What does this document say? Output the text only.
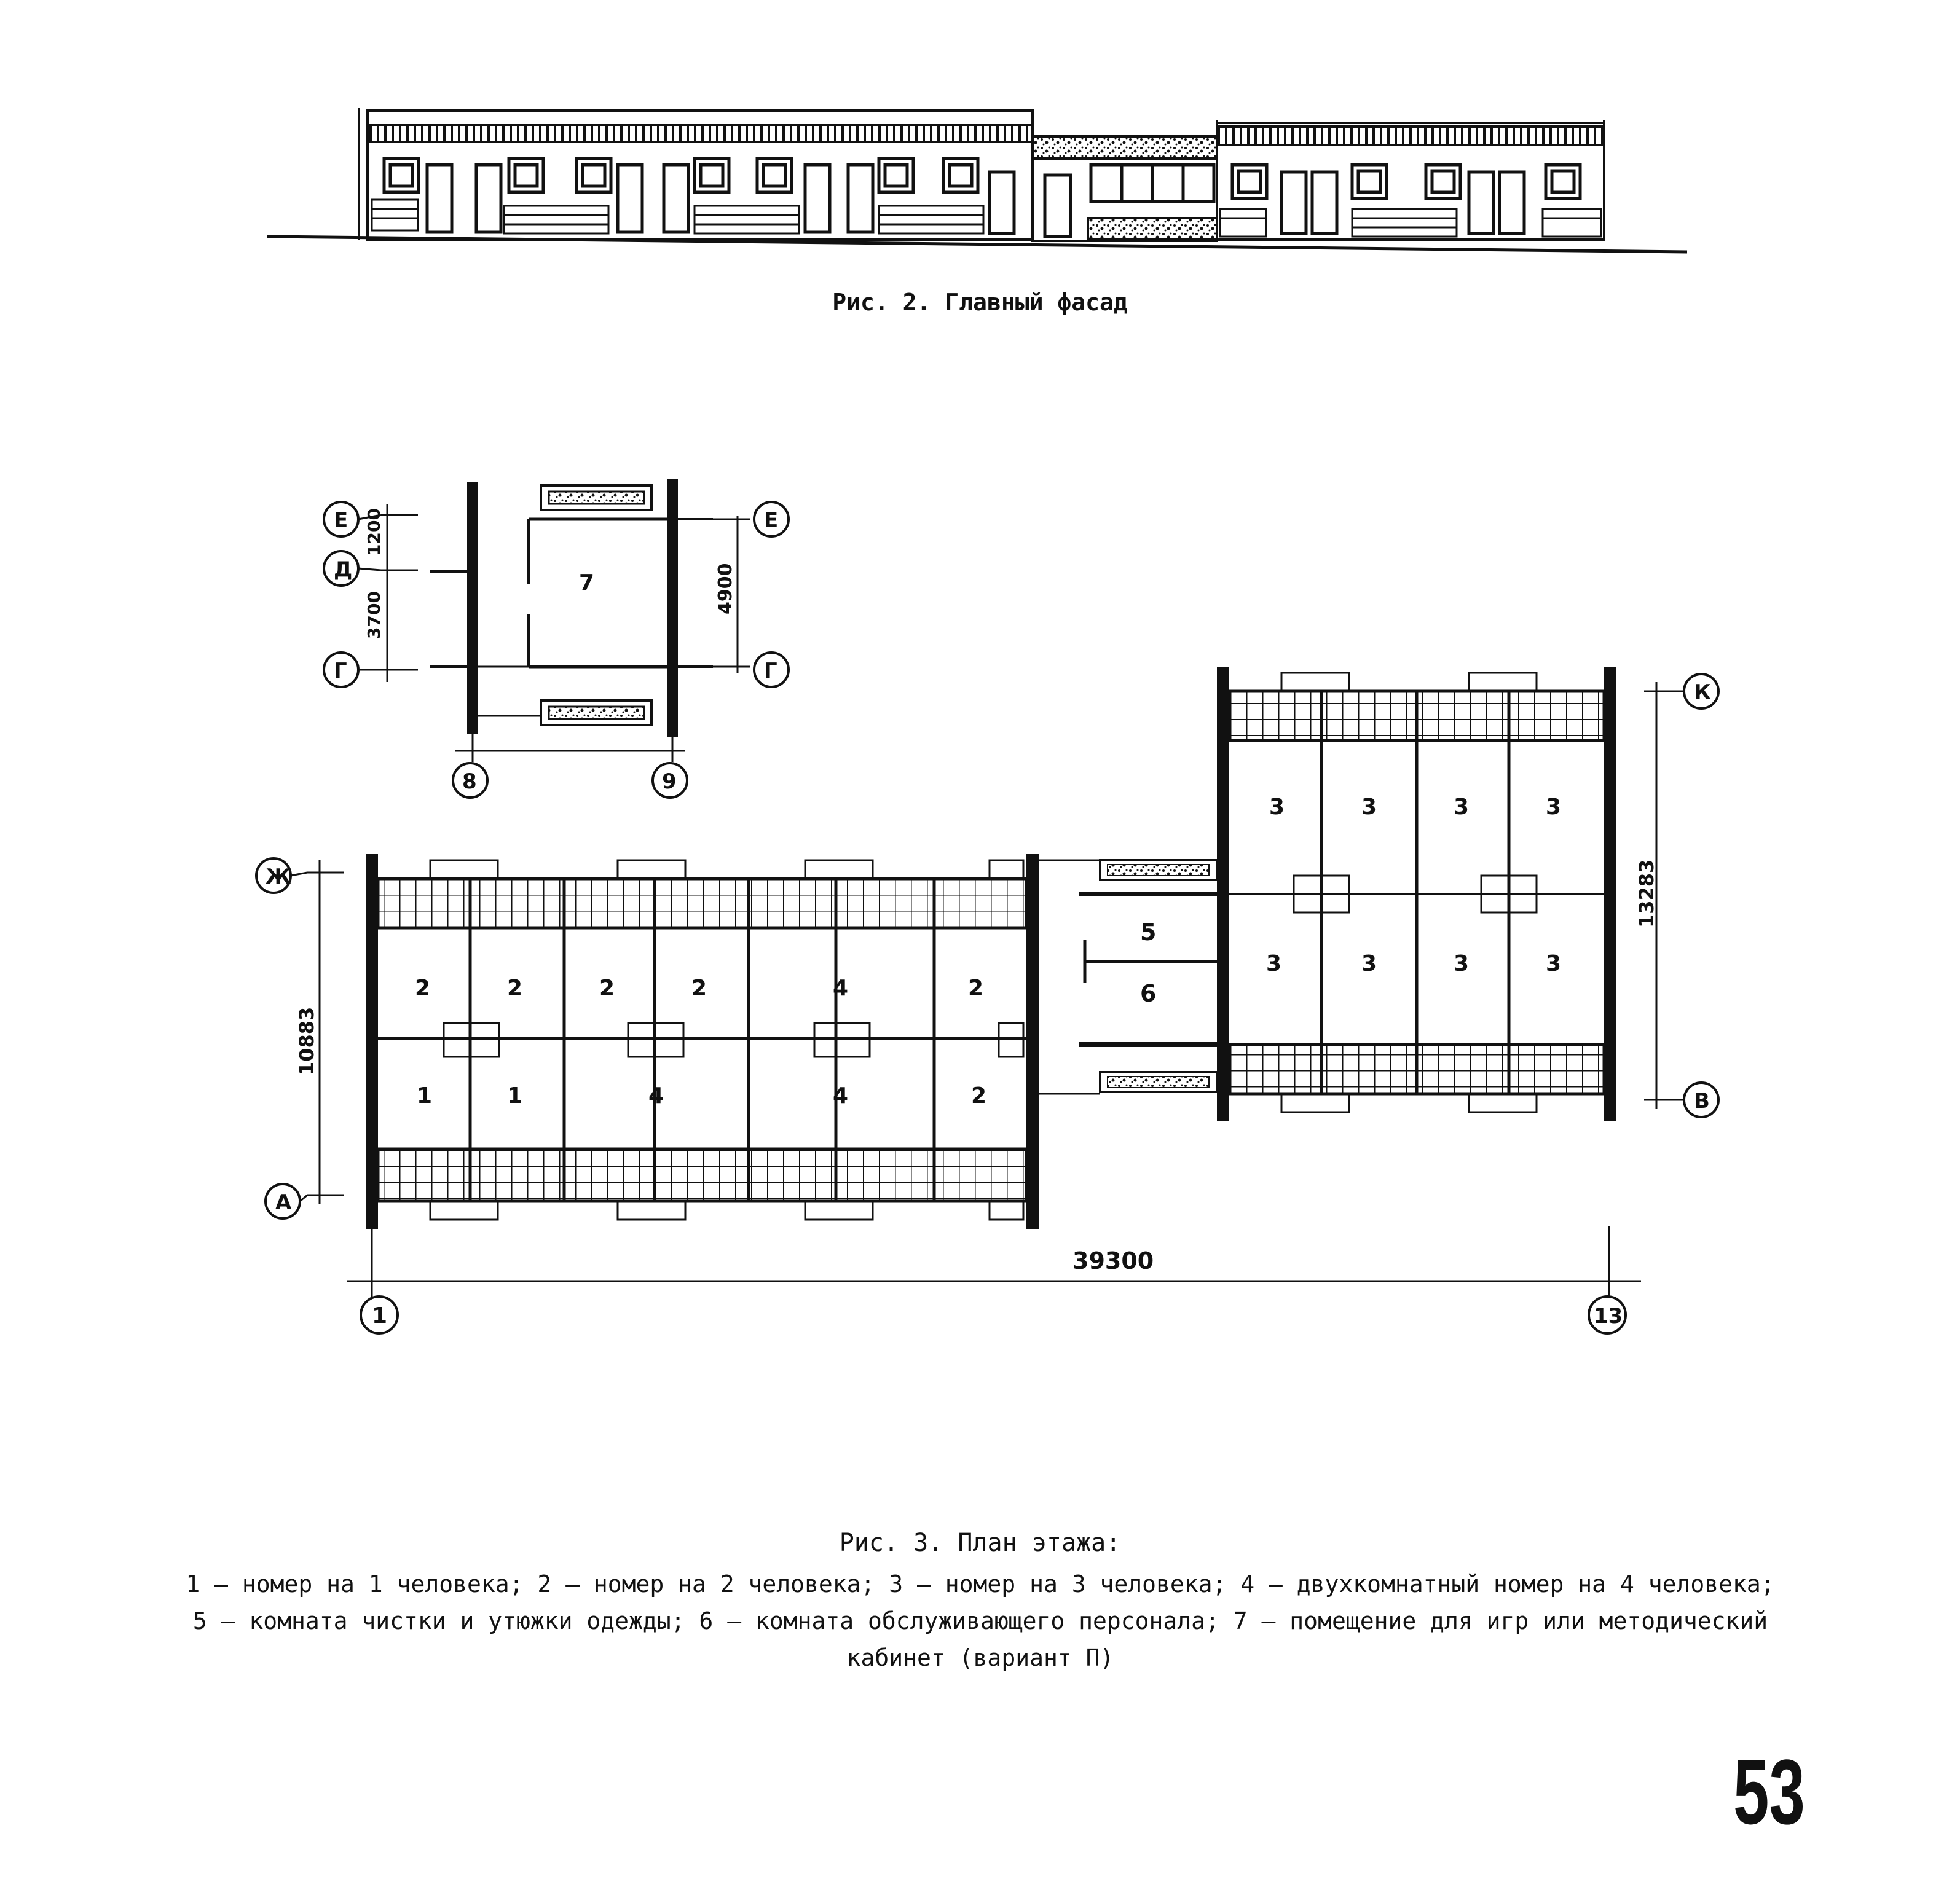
7
Е
Д
Г
Е
Г
8	9
1200
3700
4900
Ж
А
10883
2	2	2	2	4	2
1	1	4	4	2
5
6
3	3	3	3
3	3	3	3
К
В
13283
39300
1	13
Рис. 2. Главный фасад
Рис. 3. План этажа:
1 – номер на 1 человека; 2 – номер на 2 человека; 3 – номер на 3 человека; 4 – двухкомнатный номер на 4 человека; 5 – комната чистки и утюжки одежды; 6 – комната обслуживающего персонала; 7 – помещение для игр или методический кабинет (вариант П)
53
